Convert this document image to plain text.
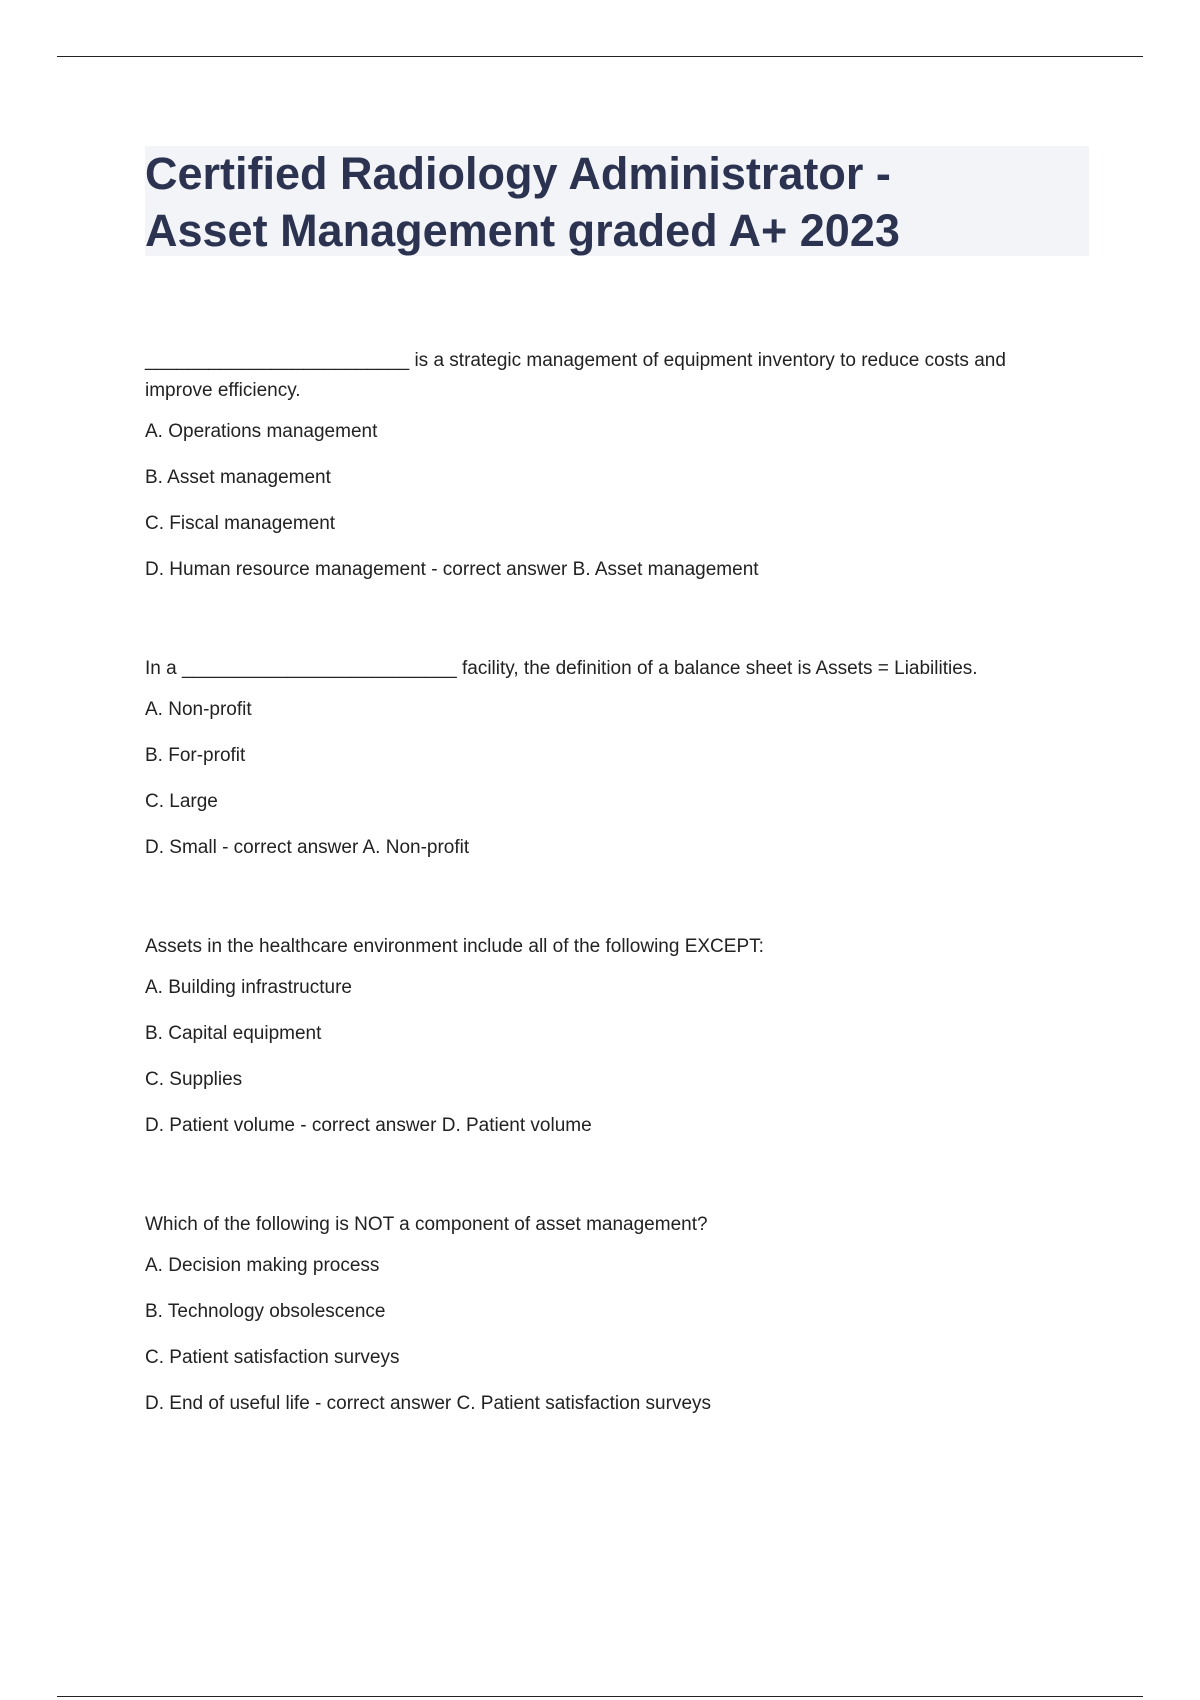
Certified Radiology Administrator -
Asset Management graded A+ 2023

_________________________ is a strategic management of equipment inventory to reduce costs and improve efficiency.

A. Operations management

B. Asset management

C. Fiscal management

D. Human resource management - correct answer B. Asset management

In a __________________________ facility, the definition of a balance sheet is Assets = Liabilities.

A. Non-profit

B. For-profit

C. Large

D. Small - correct answer A. Non-profit

Assets in the healthcare environment include all of the following EXCEPT:

A. Building infrastructure

B. Capital equipment

C. Supplies

D. Patient volume - correct answer D. Patient volume

Which of the following is NOT a component of asset management?

A. Decision making process

B. Technology obsolescence

C. Patient satisfaction surveys

D. End of useful life - correct answer C. Patient satisfaction surveys
